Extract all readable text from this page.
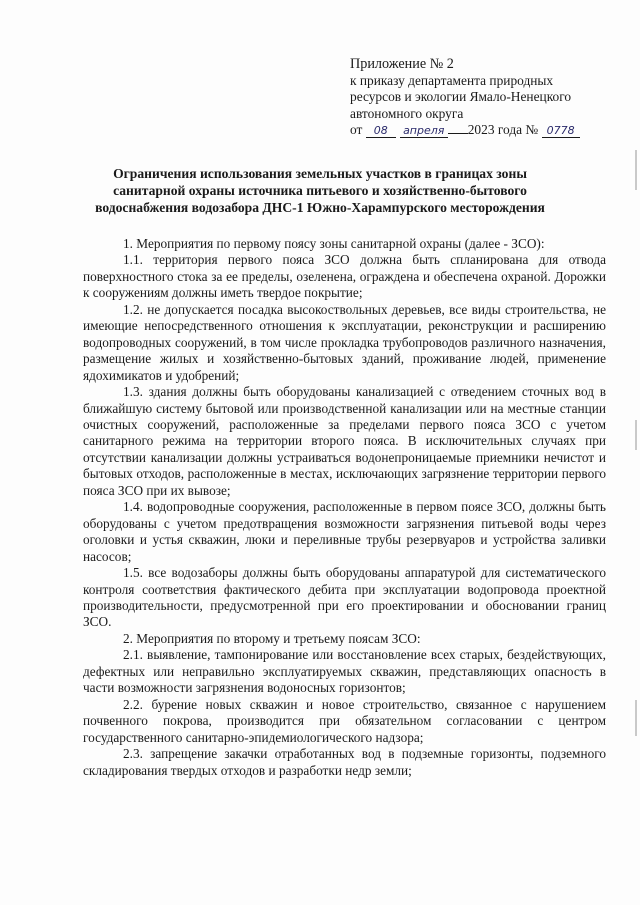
Приложение № 2
к приказу департамента природных
ресурсов и экологии Ямало-Ненецкого
автономного округа
от 08 апреля 2023 года № 0778
Ограничения использования земельных участков в границах зоны
санитарной охраны источника питьевого и хозяйственно-бытового
водоснабжения водозабора ДНС-1 Южно-Харампурского месторождения

1. Мероприятия по первому поясу зоны санитарной охраны (далее - ЗСО):

1.1. территория первого пояса ЗСО должна быть спланирована для отвода поверхностного стока за ее пределы, озеленена, ограждена и обеспечена охраной. Дорожки к сооружениям должны иметь твердое покрытие;

1.2. не допускается посадка высокоствольных деревьев, все виды строительства, не имеющие непосредственного отношения к эксплуатации, реконструкции и расширению водопроводных сооружений, в том числе прокладка трубопроводов различного назначения, размещение жилых и хозяйственно-бытовых зданий, проживание людей, применение ядохимикатов и удобрений;

1.3. здания должны быть оборудованы канализацией с отведением сточных вод в ближайшую систему бытовой или производственной канализации или на местные станции очистных сооружений, расположенные за пределами первого пояса ЗСО с учетом санитарного режима на территории второго пояса. В исключительных случаях при отсутствии канализации должны устраиваться водонепроницаемые приемники нечистот и бытовых отходов, расположенные в местах, исключающих загрязнение территории первого пояса ЗСО при их вывозе;

1.4. водопроводные сооружения, расположенные в первом поясе ЗСО, должны быть оборудованы с учетом предотвращения возможности загрязнения питьевой воды через оголовки и устья скважин, люки и переливные трубы резервуаров и устройства заливки насосов;

1.5. все водозаборы должны быть оборудованы аппаратурой для систематического контроля соответствия фактического дебита при эксплуатации водопровода проектной производительности, предусмотренной при его проектировании и обосновании границ ЗСО.

2. Мероприятия по второму и третьему поясам ЗСО:

2.1. выявление, тампонирование или восстановление всех старых, бездействующих, дефектных или неправильно эксплуатируемых скважин, представляющих опасность в части возможности загрязнения водоносных горизонтов;

2.2. бурение новых скважин и новое строительство, связанное с нарушением почвенного покрова, производится при обязательном согласовании с центром государственного санитарно-эпидемиологического надзора;

2.3. запрещение закачки отработанных вод в подземные горизонты, подземного складирования твердых отходов и разработки недр земли;
